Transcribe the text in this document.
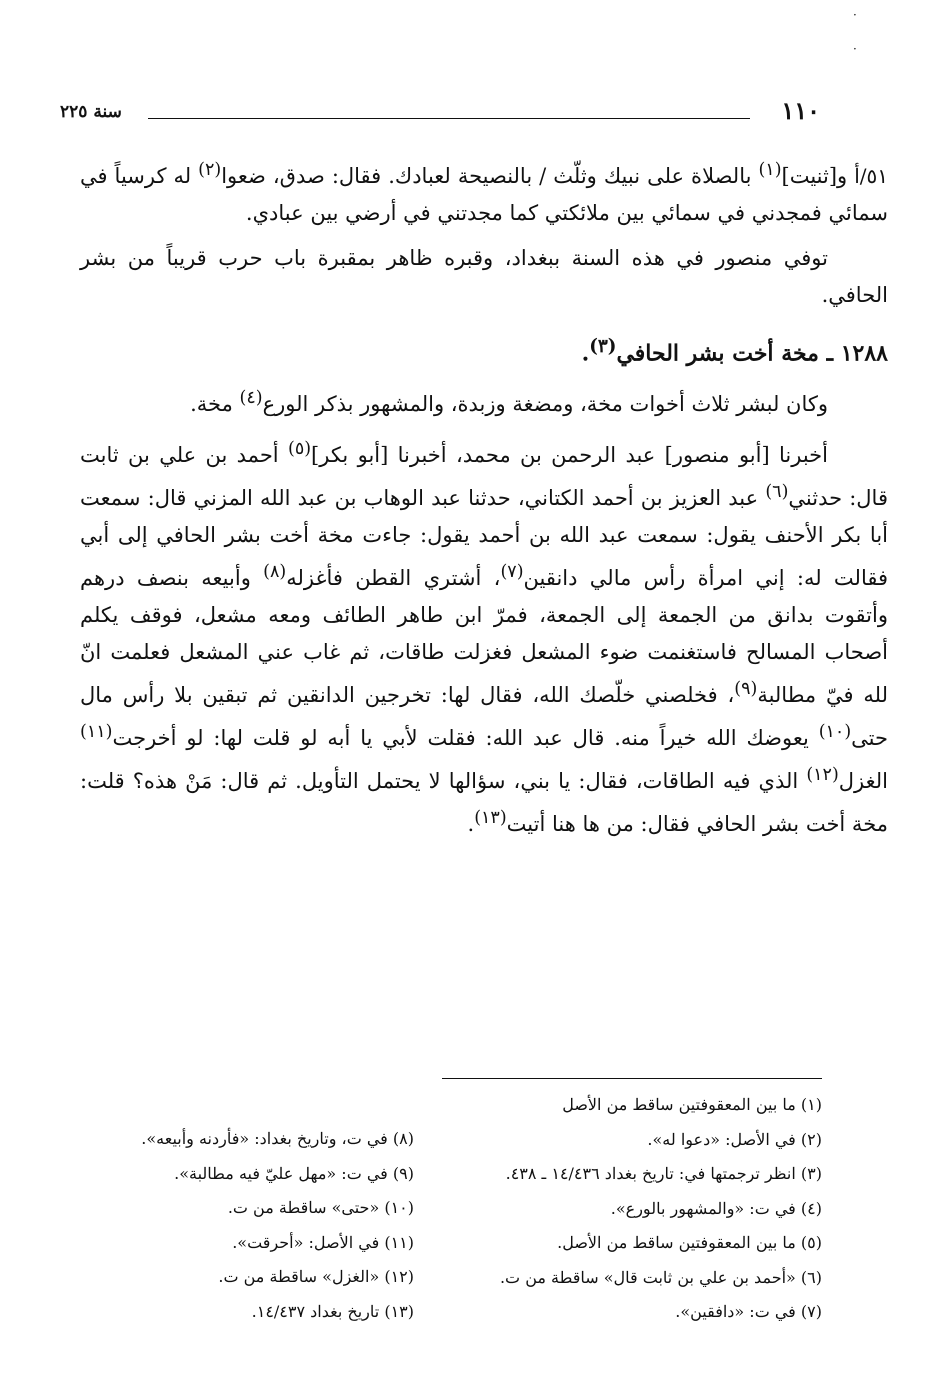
·
·
١١٠
سنة ٢٢٥

٥١/أ و[ثنيت]$^{(١)}$ بالصلاة على نبيك وثلّث / بالنصيحة لعبادك. فقال: صدق، ضعوا$^{(٢)}$ له كرسياً في سمائي فمجدني في سمائي بين ملائكتي كما مجدتني في أرضي بين عبادي.

توفي منصور في هذه السنة ببغداد، وقبره ظاهر بمقبرة باب حرب قريباً من بشر الحافي.

١٢٨٨ ـ مخة أخت بشر الحافي$^{(٣)}$.

وكان لبشر ثلاث أخوات مخة، ومضغة وزبدة، والمشهور بذكر الورع$^{(٤)}$ مخة.

أخبرنا [أبو منصور] عبد الرحمن بن محمد، أخبرنا [أبو بكر]$^{(٥)}$ أحمد بن علي بن ثابت قال: حدثني$^{(٦)}$ عبد العزيز بن أحمد الكتاني، حدثنا عبد الوهاب بن عبد الله المزني قال: سمعت أبا بكر الأحنف يقول: سمعت عبد الله بن أحمد يقول: جاءت مخة أخت بشر الحافي إلى أبي فقالت له: إني امرأة رأس مالي دانقين$^{(٧)}$، أشتري القطن فأغزله$^{(٨)}$ وأبيعه بنصف درهم وأتقوت بدانق من الجمعة إلى الجمعة، فمرّ ابن طاهر الطائف ومعه مشعل، فوقف يكلم أصحاب المسالح فاستغنمت ضوء المشعل فغزلت طاقات، ثم غاب عني المشعل فعلمت انّ لله فيّ مطالبة$^{(٩)}$، فخلصني خلّصك الله، فقال لها: تخرجين الدانقين ثم تبقين بلا رأس مال حتى$^{(١٠)}$ يعوضك الله خيراً منه. قال عبد الله: فقلت لأبي يا أبه لو قلت لها: لو أخرجت$^{(١١)}$ الغزل$^{(١٢)}$ الذي فيه الطاقات، فقال: يا بني، سؤالها لا يحتمل التأويل. ثم قال: مَنْ هذه؟ قلت: مخة أخت بشر الحافي فقال: من ها هنا أتيت$^{(١٣)}$.

(١) ما بين المعقوفتين ساقط من الأصل
(٢) في الأصل: «دعوا له».
(٣) انظر ترجمتها في: تاريخ بغداد ١٤/٤٣٦ ـ ٤٣٨.
(٤) في ت: «والمشهور بالورع».
(٥) ما بين المعقوفتين ساقط من الأصل.
(٦) «أحمد بن علي بن ثابت قال» ساقطة من ت.
(٧) في ت: «دافقين».
(٨) في ت، وتاريخ بغداد: «فأردنه وأبيعه».
(٩) في ت: «مهل عليّ فيه مطالبة».
(١٠) «حتى» ساقطة من ت.
(١١) في الأصل: «أحرقت».
(١٢) «الغزل» ساقطة من ت.
(١٣) تاريخ بغداد ١٤/٤٣٧.
